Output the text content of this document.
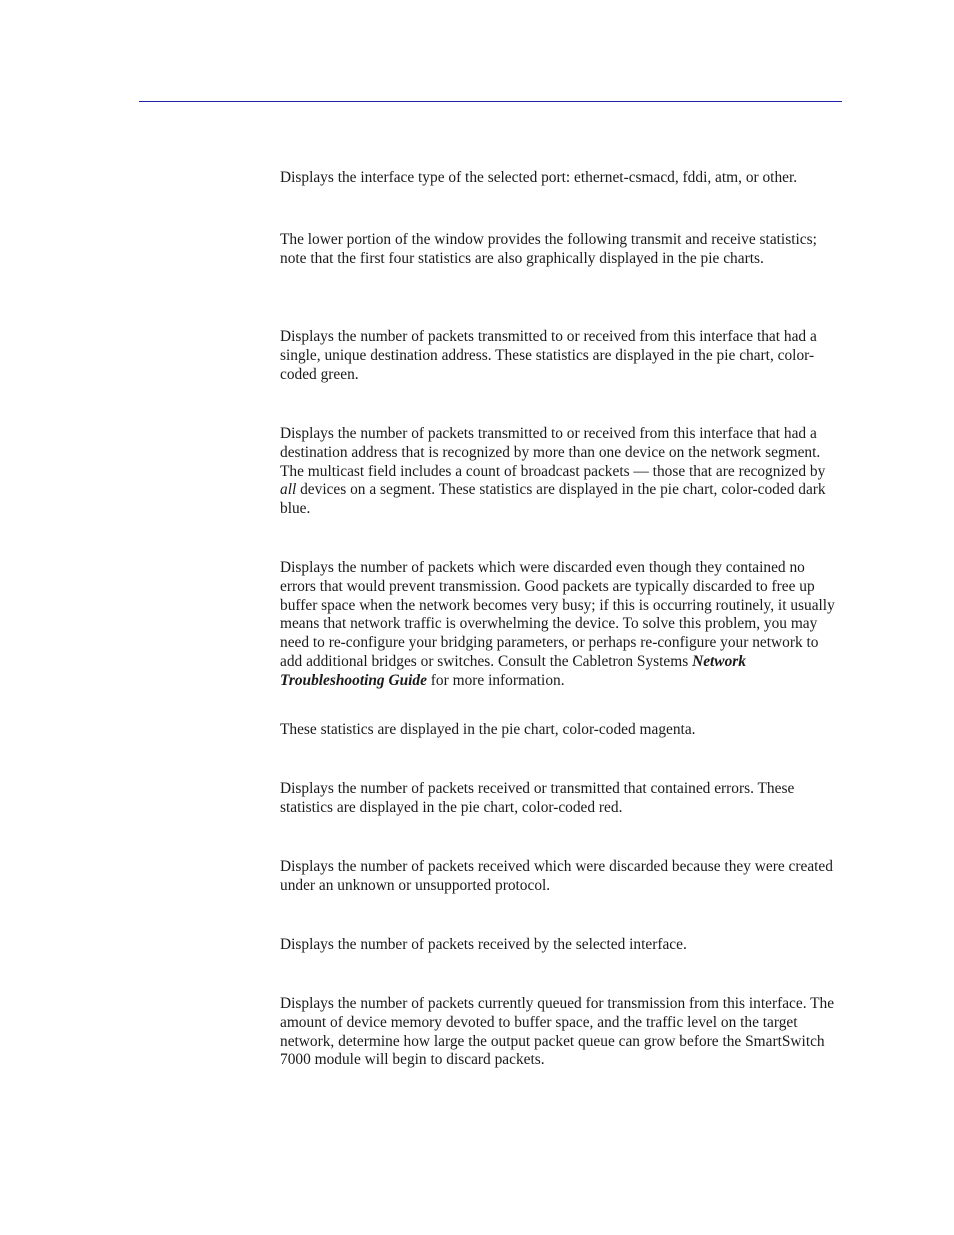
Displays the interface type of the selected port: ethernet-csmacd, fddi, atm, or other.

The lower portion of the window provides the following transmit and receive statistics; note that the first four statistics are also graphically displayed in the pie charts.

Displays the number of packets transmitted to or received from this interface that had a single, unique destination address. These statistics are displayed in the pie chart, color-coded green.

Displays the number of packets transmitted to or received from this interface that had a destination address that is recognized by more than one device on the network segment. The multicast field includes a count of broadcast packets — those that are recognized by all devices on a segment. These statistics are displayed in the pie chart, color-coded dark blue.

Displays the number of packets which were discarded even though they contained no errors that would prevent transmission. Good packets are typically discarded to free up buffer space when the network becomes very busy; if this is occurring routinely, it usually means that network traffic is overwhelming the device. To solve this problem, you may need to re-configure your bridging parameters, or perhaps re-configure your network to add additional bridges or switches. Consult the Cabletron Systems Network Troubleshooting Guide for more information.

These statistics are displayed in the pie chart, color-coded magenta.

Displays the number of packets received or transmitted that contained errors. These statistics are displayed in the pie chart, color-coded red.

Displays the number of packets received which were discarded because they were created under an unknown or unsupported protocol.

Displays the number of packets received by the selected interface.

Displays the number of packets currently queued for transmission from this interface. The amount of device memory devoted to buffer space, and the traffic level on the target network, determine how large the output packet queue can grow before the SmartSwitch 7000 module will begin to discard packets.
